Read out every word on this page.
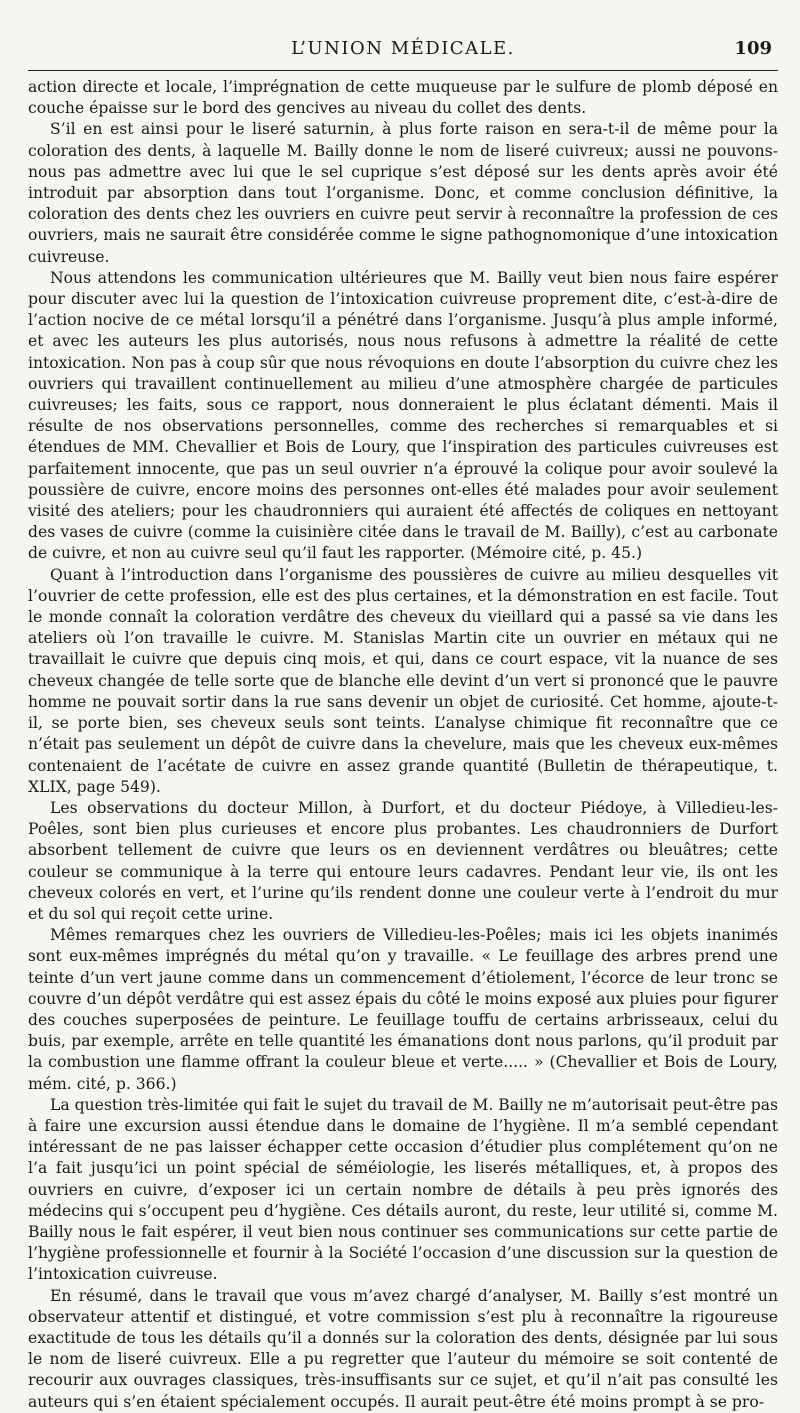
L’UNION MÉDICALE.	109

action directe et locale, l’imprégnation de cette muqueuse par le sulfure de plomb déposé en couche épaisse sur le bord des gencives au niveau du collet des dents.

S’il en est ainsi pour le liseré saturnin, à plus forte raison en sera-t-il de même pour la coloration des dents, à laquelle M. Bailly donne le nom de liseré cuivreux; aussi ne pouvons-nous pas admettre avec lui que le sel cuprique s’est déposé sur les dents après avoir été introduit par absorption dans tout l’organisme. Donc, et comme conclusion définitive, la coloration des dents chez les ouvriers en cuivre peut servir à reconnaître la profession de ces ouvriers, mais ne saurait être considérée comme le signe pathognomonique d’une intoxication cuivreuse.

Nous attendons les communication ultérieures que M. Bailly veut bien nous faire espérer pour discuter avec lui la question de l’intoxication cuivreuse proprement dite, c’est-à-dire de l’action nocive de ce métal lorsqu’il a pénétré dans l’organisme. Jusqu’à plus ample informé, et avec les auteurs les plus autorisés, nous nous refusons à admettre la réalité de cette intoxication. Non pas à coup sûr que nous révoquions en doute l’absorption du cuivre chez les ouvriers qui travaillent continuellement au milieu d’une atmosphère chargée de particules cuivreuses; les faits, sous ce rapport, nous donneraient le plus éclatant démenti. Mais il résulte de nos observations personnelles, comme des recherches si remarquables et si étendues de MM. Chevallier et Bois de Loury, que l’inspiration des particules cuivreuses est parfaitement innocente, que pas un seul ouvrier n’a éprouvé la colique pour avoir soulevé la poussière de cuivre, encore moins des personnes ont-elles été malades pour avoir seulement visité des ateliers; pour les chaudronniers qui auraient été affectés de coliques en nettoyant des vases de cuivre (comme la cuisinière citée dans le travail de M. Bailly), c’est au carbonate de cuivre, et non au cuivre seul qu’il faut les rapporter. (Mémoire cité, p. 45.)

Quant à l’introduction dans l’organisme des poussières de cuivre au milieu desquelles vit l’ouvrier de cette profession, elle est des plus certaines, et la démonstration en est facile. Tout le monde connaît la coloration verdâtre des cheveux du vieillard qui a passé sa vie dans les ateliers où l’on travaille le cuivre. M. Stanislas Martin cite un ouvrier en métaux qui ne travaillait le cuivre que depuis cinq mois, et qui, dans ce court espace, vit la nuance de ses cheveux changée de telle sorte que de blanche elle devint d’un vert si prononcé que le pauvre homme ne pouvait sortir dans la rue sans devenir un objet de curiosité. Cet homme, ajoute-t-il, se porte bien, ses cheveux seuls sont teints. L’analyse chimique fit reconnaître que ce n’était pas seulement un dépôt de cuivre dans la chevelure, mais que les cheveux eux-mêmes contenaient de l’acétate de cuivre en assez grande quantité (Bulletin de thérapeutique, t. XLIX, page 549).

Les observations du docteur Millon, à Durfort, et du docteur Piédoye, à Villedieu-les-Poêles, sont bien plus curieuses et encore plus probantes. Les chaudronniers de Durfort absorbent tellement de cuivre que leurs os en deviennent verdâtres ou bleuâtres; cette couleur se communique à la terre qui entoure leurs cadavres. Pendant leur vie, ils ont les cheveux colorés en vert, et l’urine qu’ils rendent donne une couleur verte à l’endroit du mur et du sol qui reçoit cette urine.

Mêmes remarques chez les ouvriers de Villedieu-les-Poêles; mais ici les objets inanimés sont eux-mêmes imprégnés du métal qu’on y travaille. « Le feuillage des arbres prend une teinte d’un vert jaune comme dans un commencement d’étiolement, l’écorce de leur tronc se couvre d’un dépôt verdâtre qui est assez épais du côté le moins exposé aux pluies pour figurer des couches superposées de peinture. Le feuillage touffu de certains arbrisseaux, celui du buis, par exemple, arrête en telle quantité les émanations dont nous parlons, qu’il produit par la combustion une flamme offrant la couleur bleue et verte..... » (Chevallier et Bois de Loury, mém. cité, p. 366.)

La question très-limitée qui fait le sujet du travail de M. Bailly ne m’autorisait peut-être pas à faire une excursion aussi étendue dans le domaine de l’hygiène. Il m’a semblé cependant intéressant de ne pas laisser échapper cette occasion d’étudier plus complétement qu’on ne l’a fait jusqu’ici un point spécial de séméiologie, les liserés métalliques, et, à propos des ouvriers en cuivre, d’exposer ici un certain nombre de détails à peu près ignorés des médecins qui s’occupent peu d’hygiène. Ces détails auront, du reste, leur utilité si, comme M. Bailly nous le fait espérer, il veut bien nous continuer ses communications sur cette partie de l’hygiène professionnelle et fournir à la Société l’occasion d’une discussion sur la question de l’intoxication cuivreuse.

En résumé, dans le travail que vous m’avez chargé d’analyser, M. Bailly s’est montré un observateur attentif et distingué, et votre commission s’est plu à reconnaître la rigoureuse exactitude de tous les détails qu’il a donnés sur la coloration des dents, désignée par lui sous le nom de liseré cuivreux. Elle a pu regretter que l’auteur du mémoire se soit contenté de recourir aux ouvrages classiques, très-insuffisants sur ce sujet, et qu’il n’ait pas consulté les auteurs qui s’en étaient spécialement occupés. Il aurait peut-être été moins prompt à se pro-
